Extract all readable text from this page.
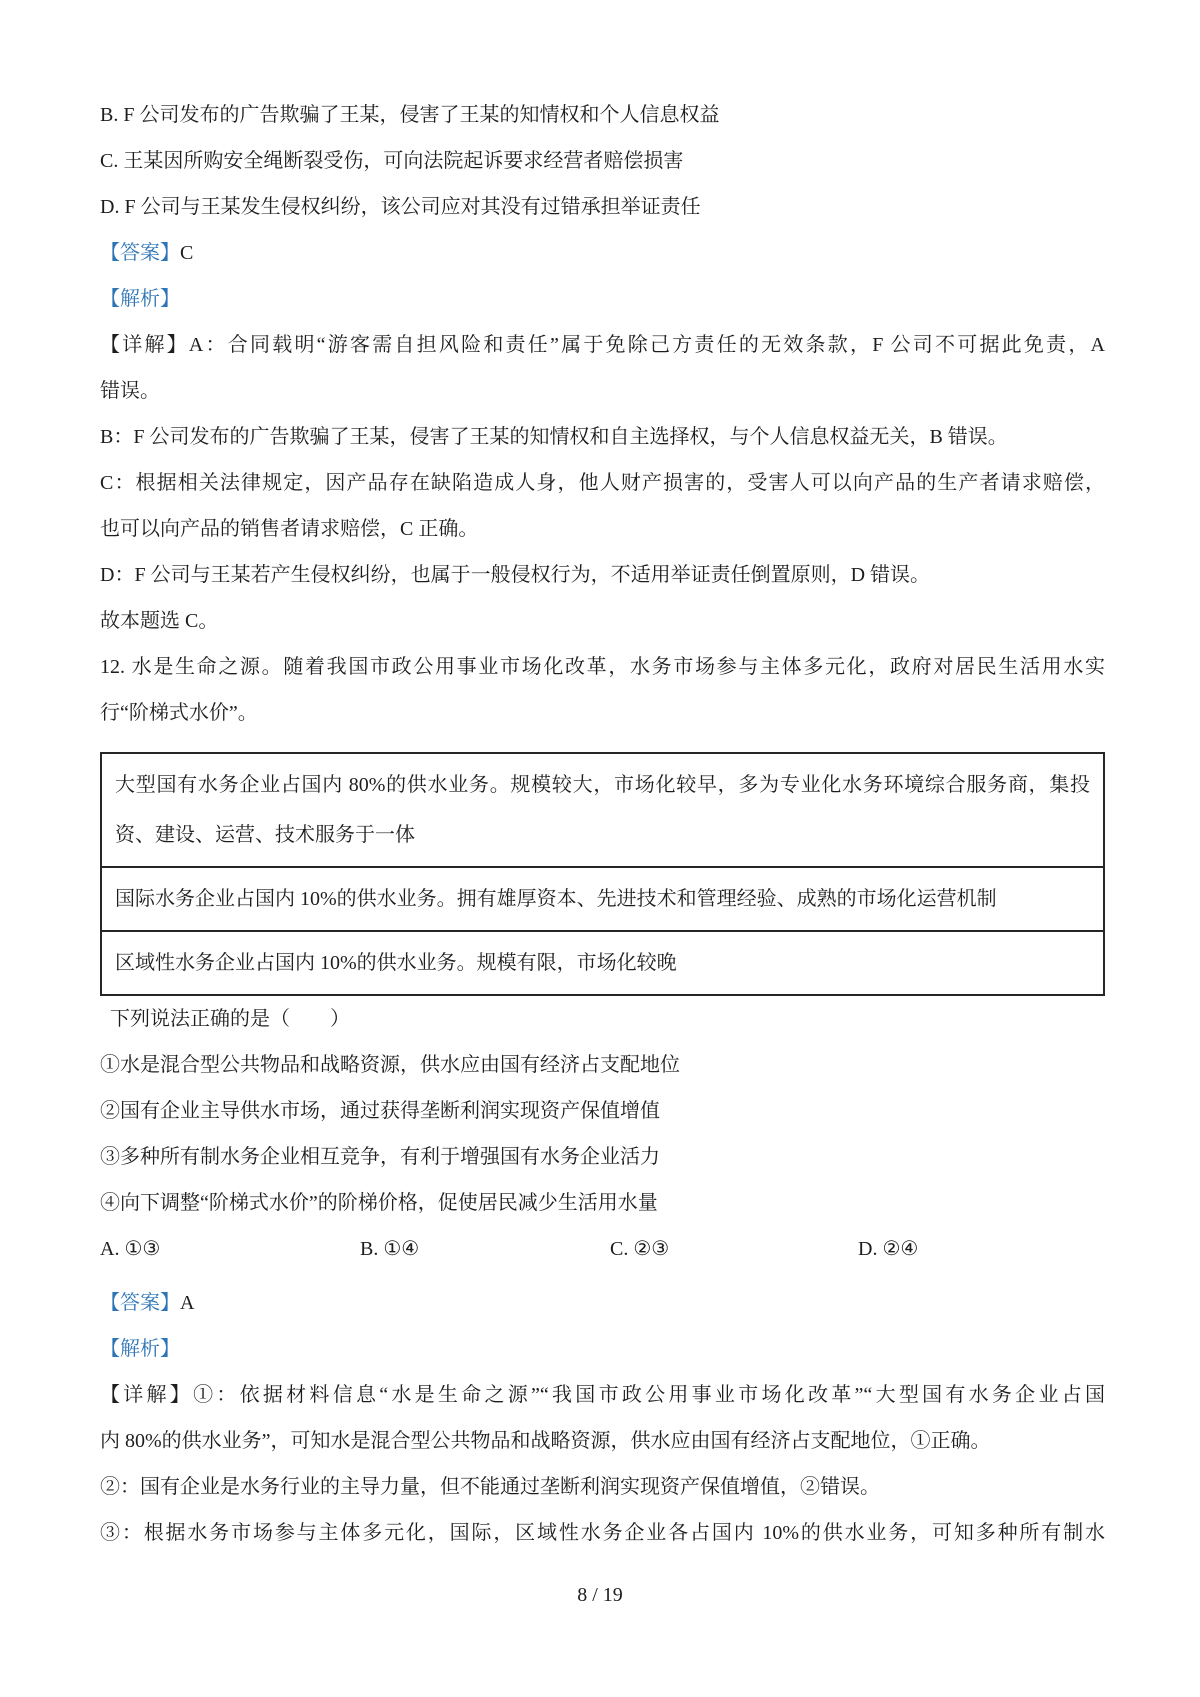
B. F 公司发布的广告欺骗了王某，侵害了王某的知情权和个人信息权益
C. 王某因所购安全绳断裂受伤，可向法院起诉要求经营者赔偿损害
D. F 公司与王某发生侵权纠纷，该公司应对其没有过错承担举证责任
【答案】C
【解析】
【详解】A：合同载明“游客需自担风险和责任”属于免除己方责任的无效条款，F 公司不可据此免责，A
错误。
B：F 公司发布的广告欺骗了王某，侵害了王某的知情权和自主选择权，与个人信息权益无关，B 错误。
C：根据相关法律规定，因产品存在缺陷造成人身，他人财产损害的，受害人可以向产品的生产者请求赔偿，
也可以向产品的销售者请求赔偿，C 正确。
D：F 公司与王某若产生侵权纠纷，也属于一般侵权行为，不适用举证责任倒置原则，D 错误。
故本题选 C。
12. 水是生命之源。随着我国市政公用事业市场化改革，水务市场参与主体多元化，政府对居民生活用水实
行“阶梯式水价”。
大型国有水务企业占国内 80%的供水业务。规模较大，市场化较早，多为专业化水务环境综合服务商，集投
资、建设、运营、技术服务于一体
国际水务企业占国内 10%的供水业务。拥有雄厚资本、先进技术和管理经验、成熟的市场化运营机制
区域性水务企业占国内 10%的供水业务。规模有限，市场化较晚
下列说法正确的是（　　）
①水是混合型公共物品和战略资源，供水应由国有经济占支配地位
②国有企业主导供水市场，通过获得垄断利润实现资产保值增值
③多种所有制水务企业相互竞争，有利于增强国有水务企业活力
④向下调整“阶梯式水价”的阶梯价格，促使居民减少生活用水量
A. ①③	B. ①④	C. ②③	D. ②④
【答案】A
【解析】
【详解】①：依据材料信息“水是生命之源”“我国市政公用事业市场化改革”“大型国有水务企业占国
内 80%的供水业务”，可知水是混合型公共物品和战略资源，供水应由国有经济占支配地位，①正确。
②：国有企业是水务行业的主导力量，但不能通过垄断利润实现资产保值增值，②错误。
③：根据水务市场参与主体多元化，国际，区域性水务企业各占国内 10%的供水业务，可知多种所有制水
8 / 19
